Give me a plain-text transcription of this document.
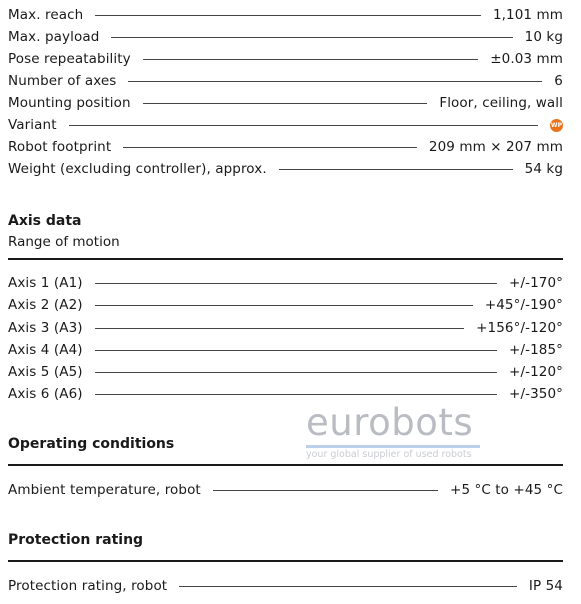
Max. reach	1,101 mm
Max. payload	10 kg
Pose repeatability	±0.03 mm
Number of axes	6
Mounting position	Floor, ceiling, wall
Variant	WP
Robot footprint	209 mm × 207 mm
Weight (excluding controller), approx.	54 kg
Axis data
Range of motion
Axis 1 (A1)	+/-170°
Axis 2 (A2)	+45°/-190°
Axis 3 (A3)	+156°/-120°
Axis 4 (A4)	+/-185°
Axis 5 (A5)	+/-120°
Axis 6 (A6)	+/-350°
eurobots
your global supplier of used robots
Operating conditions
Ambient temperature, robot	+5 °C to +45 °C
Protection rating
Protection rating, robot	IP 54
